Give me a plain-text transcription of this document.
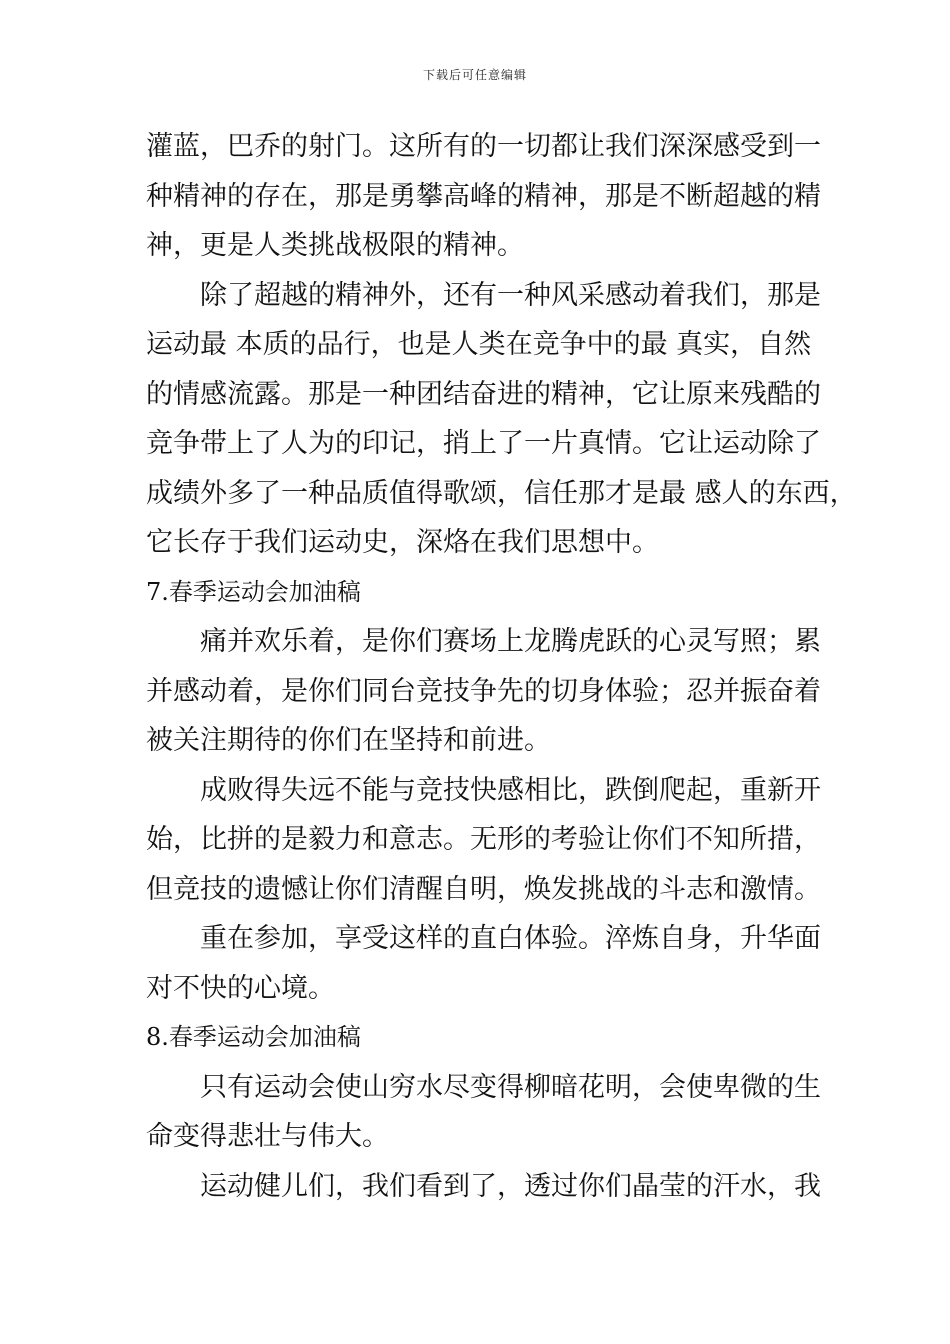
下载后可任意编辑
灌蓝，巴乔的射门。这所有的一切都让我们深深感受到一
种精神的存在，那是勇攀高峰的精神，那是不断超越的精
神，更是人类挑战极限的精神。
除了超越的精神外，还有一种风采感动着我们，那是
运动最 本质的品行，也是人类在竞争中的最 真实，自然
的情感流露。那是一种团结奋进的精神，它让原来残酷的
竞争带上了人为的印记，捎上了一片真情。它让运动除了
成绩外多了一种品质值得歌颂，信任那才是最 感人的东西，
它长存于我们运动史，深烙在我们思想中。
7.春季运动会加油稿
痛并欢乐着，是你们赛场上龙腾虎跃的心灵写照；累
并感动着，是你们同台竞技争先的切身体验；忍并振奋着
被关注期待的你们在坚持和前进。
成败得失远不能与竞技快感相比，跌倒爬起，重新开
始，比拼的是毅力和意志。无形的考验让你们不知所措，
但竞技的遗憾让你们清醒自明，焕发挑战的斗志和激情。
重在参加，享受这样的直白体验。淬炼自身，升华面
对不快的心境。
8.春季运动会加油稿
只有运动会使山穷水尽变得柳暗花明，会使卑微的生
命变得悲壮与伟大。
运动健儿们，我们看到了，透过你们晶莹的汗水，我
